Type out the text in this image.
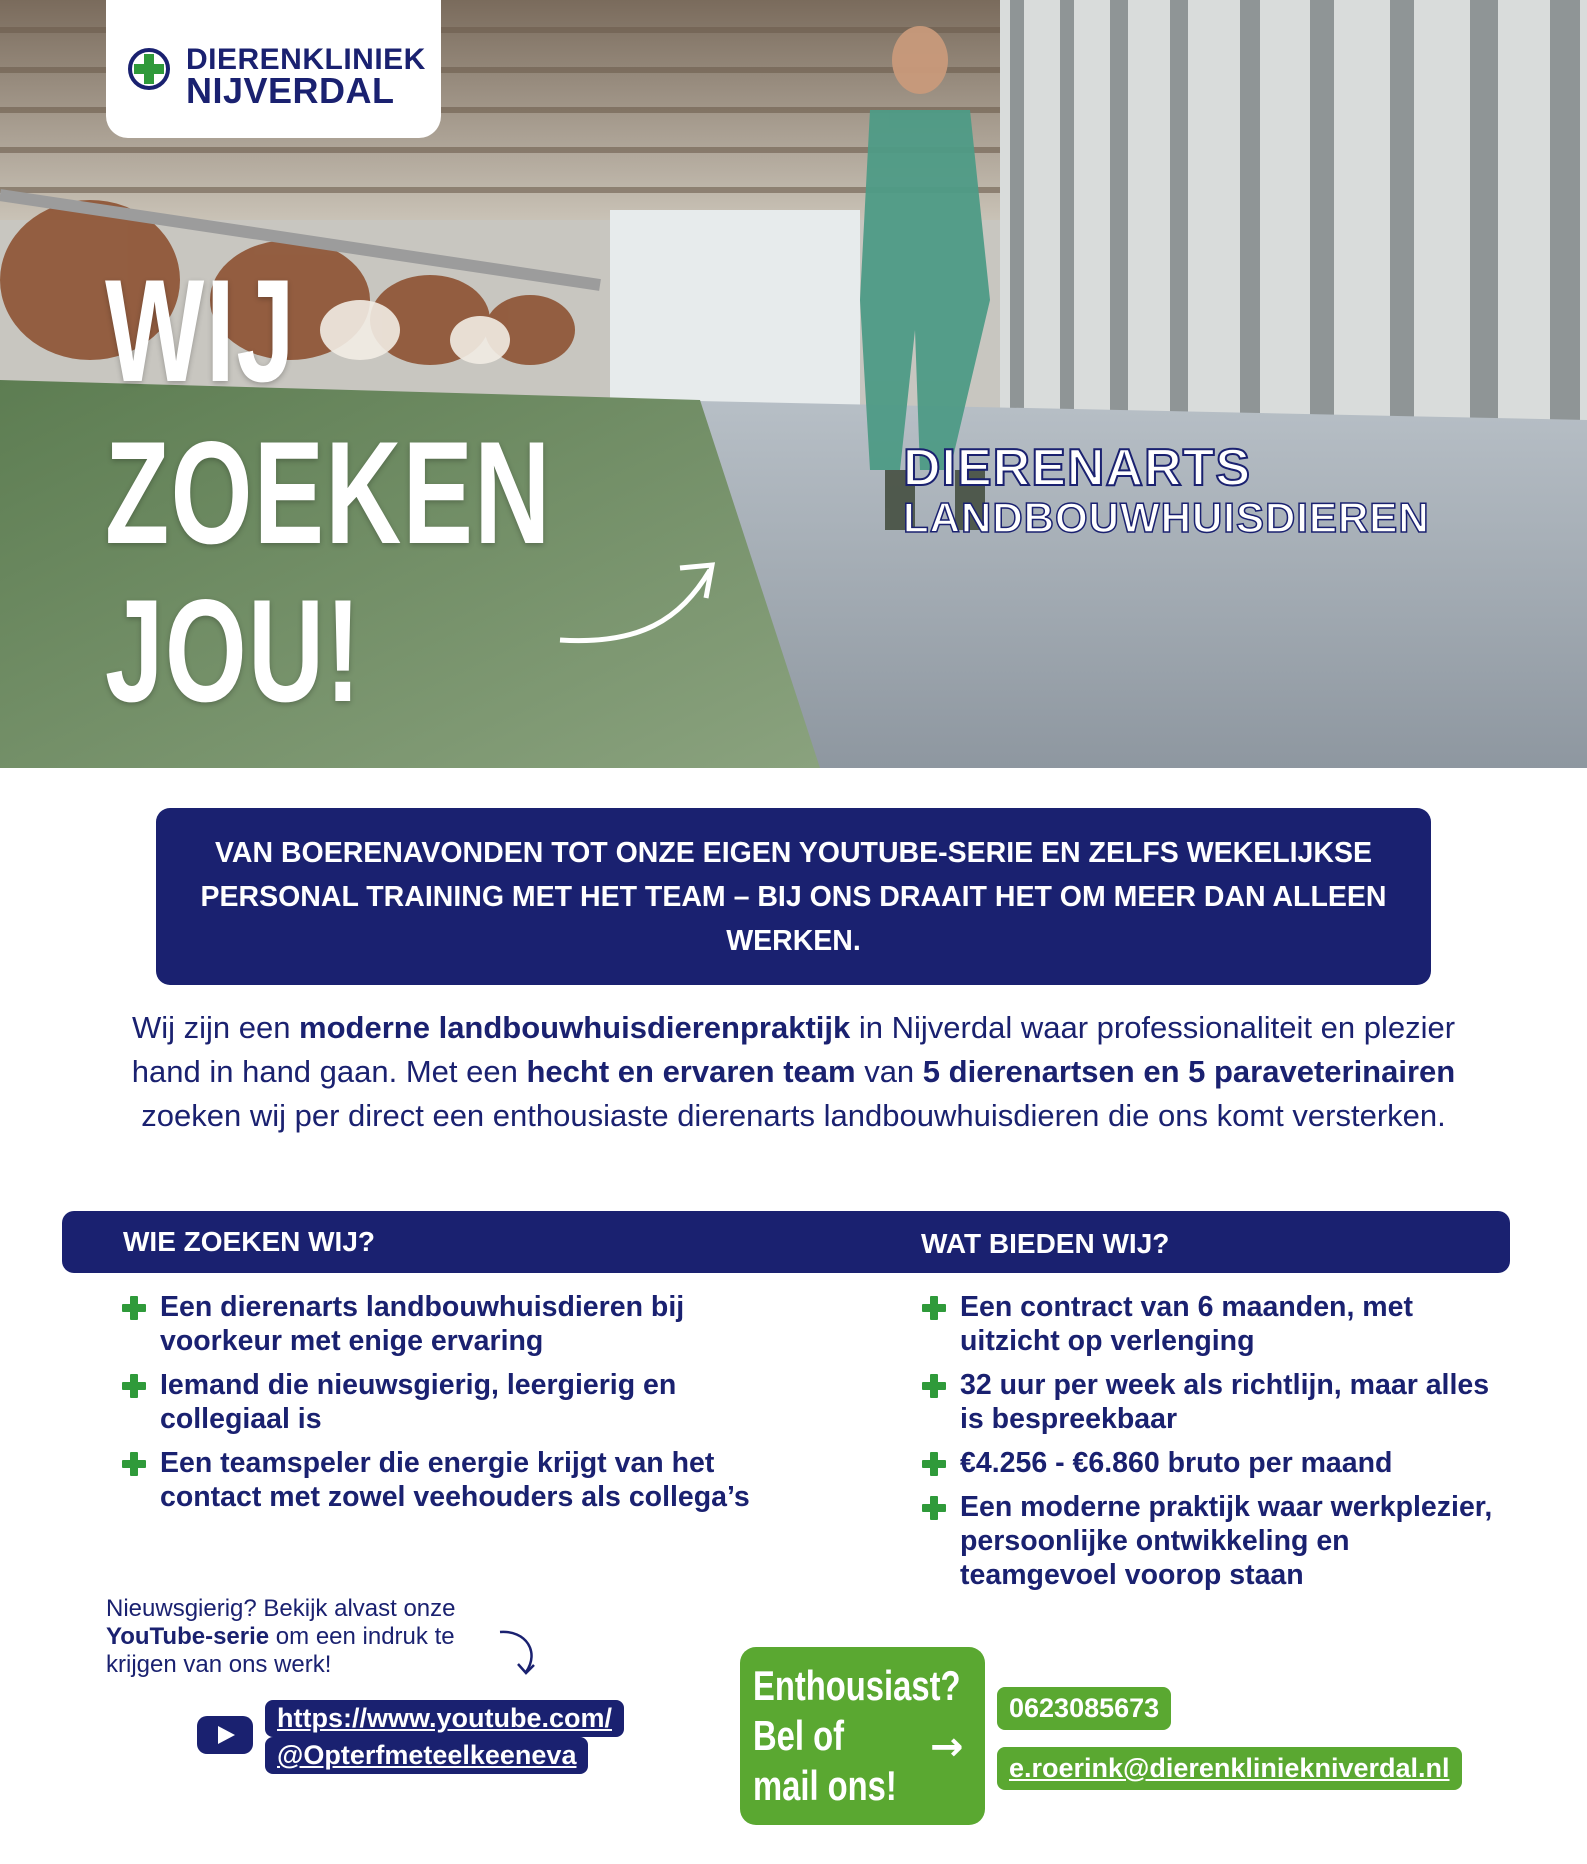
DIERENKLINIEK
NIJVERDAL
WIJ
ZOEKEN
JOU!
DIERENARTS
LANDBOUWHUISDIEREN
VAN BOERENAVONDEN TOT ONZE EIGEN YOUTUBE-SERIE EN ZELFS WEKELIJKSE PERSONAL TRAINING MET HET TEAM – BIJ ONS DRAAIT HET OM MEER DAN ALLEEN WERKEN.
Wij zijn een moderne landbouwhuisdierenpraktijk in Nijverdal waar professionaliteit en plezier hand in hand gaan. Met een hecht en ervaren team van 5 dierenartsen en 5 paraveterinairen zoeken wij per direct een enthousiaste dierenarts landbouwhuisdieren die ons komt versterken.
WIE ZOEKEN WIJ?	WAT BIEDEN WIJ?
Een dierenarts landbouwhuisdieren bij voorkeur met enige ervaring
Iemand die nieuwsgierig, leergierig en collegiaal is
Een teamspeler die energie krijgt van het contact met zowel veehouders als collega’s
Een contract van 6 maanden, met uitzicht op verlenging
32 uur per week als richtlijn, maar alles is bespreekbaar
€4.256 - €6.860 bruto per maand
Een moderne praktijk waar werkplezier, persoonlijke ontwikkeling en teamgevoel voorop staan
Nieuwsgierig? Bekijk alvast onze YouTube-serie om een indruk te krijgen van ons werk!
https://www.youtube.com/
@Opterfmeteelkeeneva
Enthousiast?
Bel of
mail ons!
→
0623085673
e.roerink@dierenkliniekniverdal.nl
